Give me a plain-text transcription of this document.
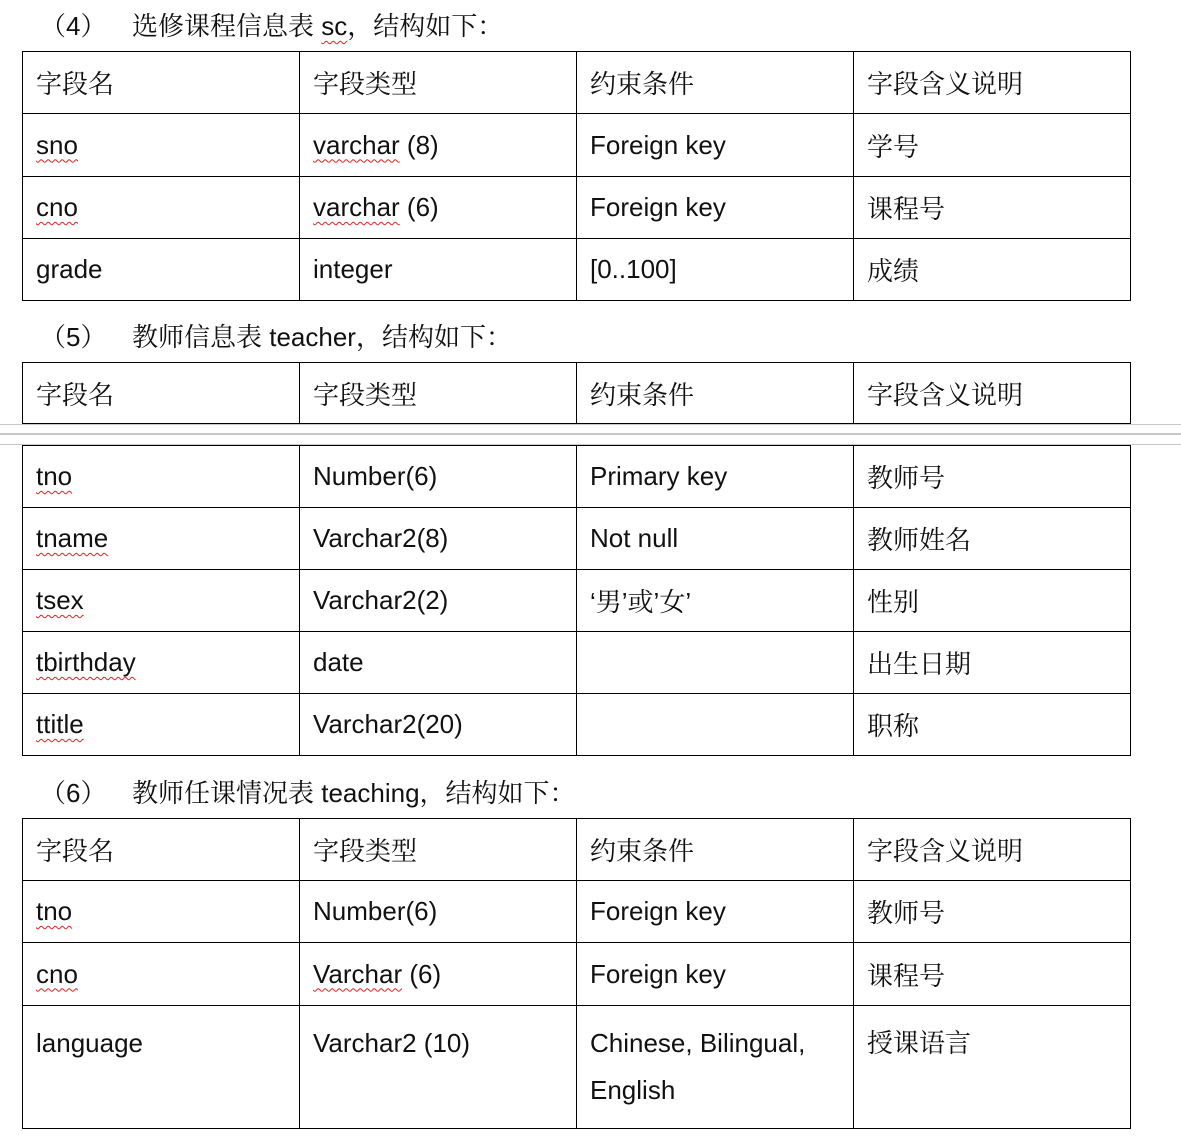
（4） 选修课程信息表 sc，结构如下：
字段名	字段类型	约束条件	字段含义说明
sno	varchar (8)	Foreign key	学号
cno	varchar (6)	Foreign key	课程号
grade	integer	[0..100]	成绩
（5） 教师信息表 teacher，结构如下：
字段名	字段类型	约束条件	字段含义说明
tno	Number(6)	Primary key	教师号
tname	Varchar2(8)	Not null	教师姓名
tsex	Varchar2(2)	‘男’或’女’	性别
tbirthday	date		出生日期
ttitle	Varchar2(20)		职称
（6） 教师任课情况表 teaching，结构如下：
字段名	字段类型	约束条件	字段含义说明
tno	Number(6)	Foreign key	教师号
cno	Varchar (6)	Foreign key	课程号
language	Varchar2 (10)	Chinese, Bilingual, English	授课语言
